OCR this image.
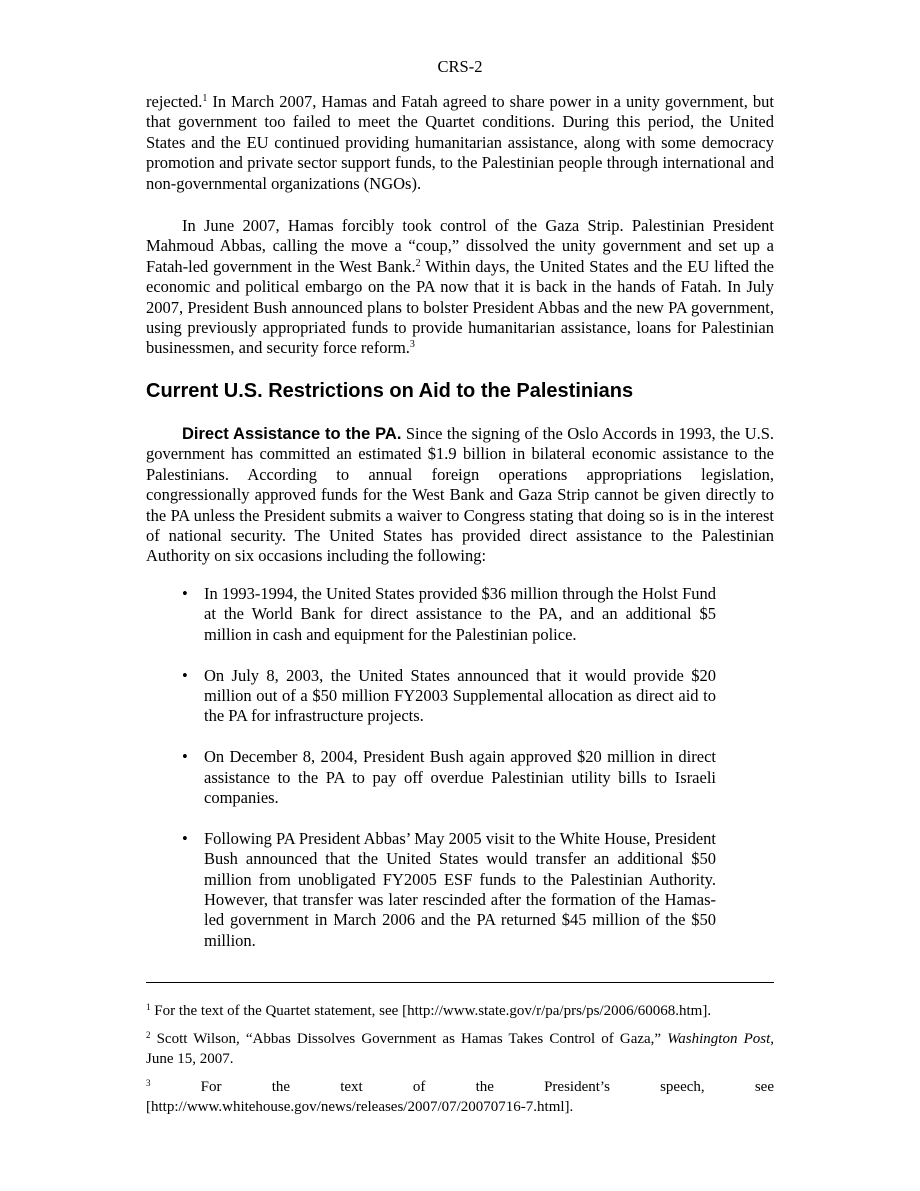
CRS-2

rejected.$^1$ In March 2007, Hamas and Fatah agreed to share power in a unity government, but that government too failed to meet the Quartet conditions. During this period, the United States and the EU continued providing humanitarian assistance, along with some democracy promotion and private sector support funds, to the Palestinian people through international and non-governmental organizations (NGOs).

In June 2007, Hamas forcibly took control of the Gaza Strip. Palestinian President Mahmoud Abbas, calling the move a “coup,” dissolved the unity government and set up a Fatah-led government in the West Bank.$^2$ Within days, the United States and the EU lifted the economic and political embargo on the PA now that it is back in the hands of Fatah. In July 2007, President Bush announced plans to bolster President Abbas and the new PA government, using previously appropriated funds to provide humanitarian assistance, loans for Palestinian businessmen, and security force reform.$^3$

Current U.S. Restrictions on Aid to the Palestinians

Direct Assistance to the PA. Since the signing of the Oslo Accords in 1993, the U.S. government has committed an estimated $1.9 billion in bilateral economic assistance to the Palestinians. According to annual foreign operations appropriations legislation, congressionally approved funds for the West Bank and Gaza Strip cannot be given directly to the PA unless the President submits a waiver to Congress stating that doing so is in the interest of national security. The United States has provided direct assistance to the Palestinian Authority on six occasions including the following:

• In 1993-1994, the United States provided $36 million through the Holst Fund at the World Bank for direct assistance to the PA, and an additional $5 million in cash and equipment for the Palestinian police.
• On July 8, 2003, the United States announced that it would provide $20 million out of a $50 million FY2003 Supplemental allocation as direct aid to the PA for infrastructure projects.
• On December 8, 2004, President Bush again approved $20 million in direct assistance to the PA to pay off overdue Palestinian utility bills to Israeli companies.
• Following PA President Abbas’ May 2005 visit to the White House, President Bush announced that the United States would transfer an additional $50 million from unobligated FY2005 ESF funds to the Palestinian Authority. However, that transfer was later rescinded after the formation of the Hamas-led government in March 2006 and the PA returned $45 million of the $50 million.

$^1$ For the text of the Quartet statement, see [http://www.state.gov/r/pa/prs/ps/2006/60068.htm].

$^2$ Scott Wilson, “Abbas Dissolves Government as Hamas Takes Control of Gaza,” Washington Post, June 15, 2007.

$^3$ For the text of the President’s speech, see [http://www.whitehouse.gov/news/releases/2007/07/20070716-7.html].
